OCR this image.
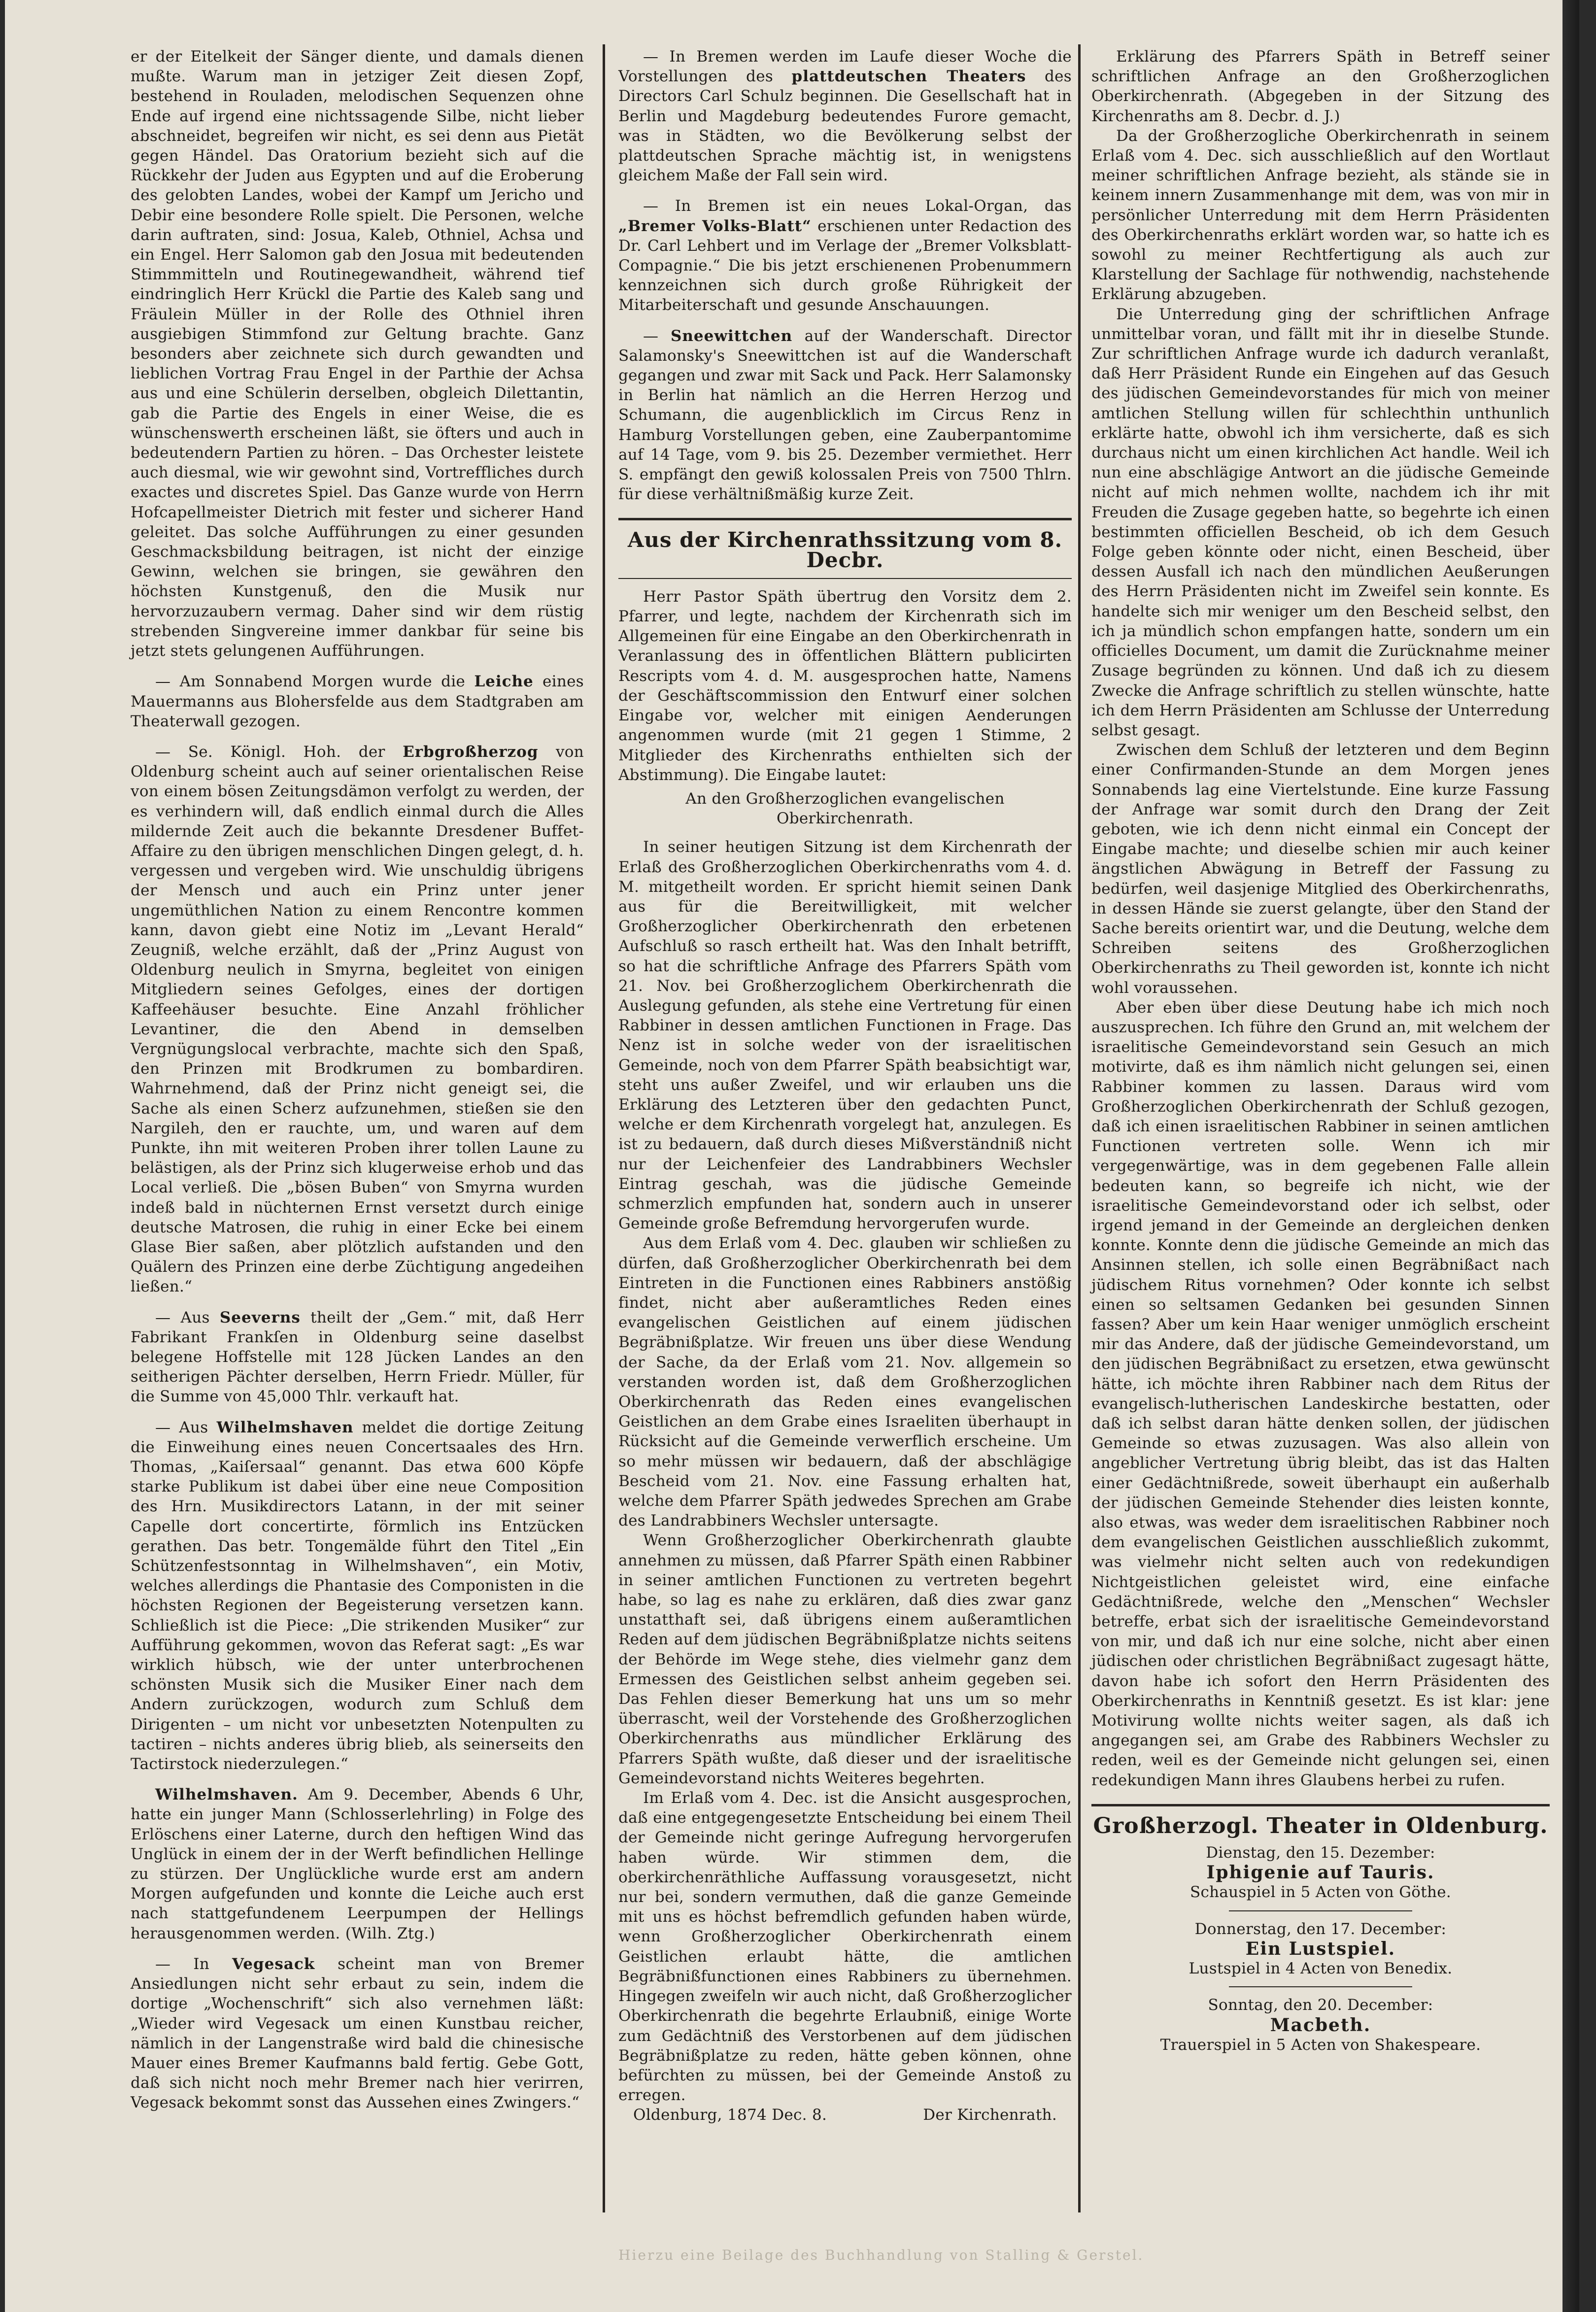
er der Eitelkeit der Sänger diente, und damals dienen mußte. Warum man in jetziger Zeit diesen Zopf, bestehend in Rouladen, melodischen Sequenzen ohne Ende auf irgend eine nichtssagende Silbe, nicht lieber abschneidet, begreifen wir nicht, es sei denn aus Pietät gegen Händel. Das Oratorium bezieht sich auf die Rückkehr der Juden aus Egypten und auf die Eroberung des gelobten Landes, wobei der Kampf um Jericho und Debir eine besondere Rolle spielt. Die Personen, welche darin auftraten, sind: Josua, Kaleb, Othniel, Achsa und ein Engel. Herr Salomon gab den Josua mit bedeutenden Stimmmitteln und Routinegewandheit, während tief eindringlich Herr Krückl die Partie des Kaleb sang und Fräulein Müller in der Rolle des Othniel ihren ausgiebigen Stimmfond zur Geltung brachte. Ganz besonders aber zeichnete sich durch gewandten und lieblichen Vortrag Frau Engel in der Parthie der Achsa aus und eine Schülerin derselben, obgleich Dilettantin, gab die Partie des Engels in einer Weise, die es wünschenswerth erscheinen läßt, sie öfters und auch in bedeutendern Partien zu hören. – Das Orchester leistete auch diesmal, wie wir gewohnt sind, Vortreffliches durch exactes und discretes Spiel. Das Ganze wurde von Herrn Hofcapellmeister Dietrich mit fester und sicherer Hand geleitet. Das solche Aufführungen zu einer gesunden Geschmacksbildung beitragen, ist nicht der einzige Gewinn, welchen sie bringen, sie gewähren den höchsten Kunstgenuß, den die Musik nur hervorzuzaubern vermag. Daher sind wir dem rüstig strebenden Singvereine immer dankbar für seine bis jetzt stets gelungenen Aufführungen.

— Am Sonnabend Morgen wurde die Leiche eines Mauermanns aus Blohersfelde aus dem Stadtgraben am Theaterwall gezogen.

— Se. Königl. Hoh. der Erbgroßherzog von Oldenburg scheint auch auf seiner orientalischen Reise von einem bösen Zeitungsdämon verfolgt zu werden, der es verhindern will, daß endlich einmal durch die Alles mildernde Zeit auch die bekannte Dresdener Buffet-Affaire zu den übrigen menschlichen Dingen gelegt, d. h. vergessen und vergeben wird. Wie unschuldig übrigens der Mensch und auch ein Prinz unter jener ungemüthlichen Nation zu einem Rencontre kommen kann, davon giebt eine Notiz im „Levant Herald“ Zeugniß, welche erzählt, daß der „Prinz August von Oldenburg neulich in Smyrna, begleitet von einigen Mitgliedern seines Gefolges, eines der dortigen Kaffeehäuser besuchte. Eine Anzahl fröhlicher Levantiner, die den Abend in demselben Vergnügungslocal verbrachte, machte sich den Spaß, den Prinzen mit Brodkrumen zu bombardiren. Wahrnehmend, daß der Prinz nicht geneigt sei, die Sache als einen Scherz aufzunehmen, stießen sie den Nargileh, den er rauchte, um, und waren auf dem Punkte, ihn mit weiteren Proben ihrer tollen Laune zu belästigen, als der Prinz sich klugerweise erhob und das Local verließ. Die „bösen Buben“ von Smyrna wurden indeß bald in nüchternen Ernst versetzt durch einige deutsche Matrosen, die ruhig in einer Ecke bei einem Glase Bier saßen, aber plötzlich aufstanden und den Quälern des Prinzen eine derbe Züchtigung angedeihen ließen.“

— Aus Seeverns theilt der „Gem.“ mit, daß Herr Fabrikant Frankſen in Oldenburg seine daselbst belegene Hoffstelle mit 128 Jücken Landes an den seitherigen Pächter derselben, Herrn Friedr. Müller, für die Summe von 45,000 Thlr. verkauft hat.

— Aus Wilhelmshaven meldet die dortige Zeitung die Einweihung eines neuen Concertsaales des Hrn. Thomas, „Kaiſersaal“ genannt. Das etwa 600 Köpfe starke Publikum ist dabei über eine neue Composition des Hrn. Musikdirectors Latann, in der mit seiner Capelle dort concertirte, förmlich ins Entzücken gerathen. Das betr. Tongemälde führt den Titel „Ein Schützenfestsonntag in Wilhelmshaven“, ein Motiv, welches allerdings die Phantasie des Componisten in die höchsten Regionen der Begeisterung versetzen kann. Schließlich ist die Piece: „Die strikenden Musiker“ zur Aufführung gekommen, wovon das Referat sagt: „Es war wirklich hübsch, wie der unter unterbrochenen schönsten Musik sich die Musiker Einer nach dem Andern zurückzogen, wodurch zum Schluß dem Dirigenten – um nicht vor unbesetzten Notenpulten zu tactiren – nichts anderes übrig blieb, als seinerseits den Tactirstock niederzulegen.“

Wilhelmshaven. Am 9. December, Abends 6 Uhr, hatte ein junger Mann (Schlosserlehrling) in Folge des Erlöschens einer Laterne, durch den heftigen Wind das Unglück in einem der in der Werft befindlichen Hellinge zu stürzen. Der Unglückliche wurde erst am andern Morgen aufgefunden und konnte die Leiche auch erst nach stattgefundenem Leerpumpen der Hellings herausgenommen werden. (Wilh. Ztg.)

— In Vegesack scheint man von Bremer Ansiedlungen nicht sehr erbaut zu sein, indem die dortige „Wochenschrift“ sich also vernehmen läßt: „Wieder wird Vegesack um einen Kunstbau reicher, nämlich in der Langenstraße wird bald die chinesische Mauer eines Bremer Kaufmanns bald fertig. Gebe Gott, daß sich nicht noch mehr Bremer nach hier verirren, Vegesack bekommt sonst das Aussehen eines Zwingers.“

— In Bremen werden im Laufe dieser Woche die Vorstellungen des plattdeutschen Theaters des Directors Carl Schulz beginnen. Die Gesellschaft hat in Berlin und Magdeburg bedeutendes Furore gemacht, was in Städten, wo die Bevölkerung selbst der plattdeutschen Sprache mächtig ist, in wenigstens gleichem Maße der Fall sein wird.

— In Bremen ist ein neues Lokal-Organ, das „Bremer Volks-Blatt“ erschienen unter Redaction des Dr. Carl Lehbert und im Verlage der „Bremer Volksblatt-Compagnie.“ Die bis jetzt erschienenen Probenummern kennzeichnen sich durch große Rührigkeit der Mitarbeiterschaft und gesunde Anschauungen.

— Sneewittchen auf der Wanderschaft. Director Salamonsky's Sneewittchen ist auf die Wanderschaft gegangen und zwar mit Sack und Pack. Herr Salamonsky in Berlin hat nämlich an die Herren Herzog und Schumann, die augenblicklich im Circus Renz in Hamburg Vorstellungen geben, eine Zauberpantomime auf 14 Tage, vom 9. bis 25. Dezember vermiethet. Herr S. empfängt den gewiß kolossalen Preis von 7500 Thlrn. für diese verhältnißmäßig kurze Zeit.

Aus der Kirchenrathssitzung vom 8. Decbr.

Herr Pastor Späth übertrug den Vorsitz dem 2. Pfarrer, und legte, nachdem der Kirchenrath sich im Allgemeinen für eine Eingabe an den Oberkirchenrath in Veranlassung des in öffentlichen Blättern publicirten Rescripts vom 4. d. M. ausgesprochen hatte, Namens der Geschäftscommission den Entwurf einer solchen Eingabe vor, welcher mit einigen Aenderungen angenommen wurde (mit 21 gegen 1 Stimme, 2 Mitglieder des Kirchenraths enthielten sich der Abstimmung). Die Eingabe lautet:

An den Großherzoglichen evangelischen Oberkirchenrath.

In seiner heutigen Sitzung ist dem Kirchenrath der Erlaß des Großherzoglichen Oberkirchenraths vom 4. d. M. mitgetheilt worden. Er spricht hiemit seinen Dank aus für die Bereitwilligkeit, mit welcher Großherzoglicher Oberkirchenrath den erbetenen Aufschluß so rasch ertheilt hat. Was den Inhalt betrifft, so hat die schriftliche Anfrage des Pfarrers Späth vom 21. Nov. bei Großherzoglichem Oberkirchenrath die Auslegung gefunden, als stehe eine Vertretung für einen Rabbiner in dessen amtlichen Functionen in Frage. Das Nenz ist in solche weder von der israelitischen Gemeinde, noch von dem Pfarrer Späth beabsichtigt war, steht uns außer Zweifel, und wir erlauben uns die Erklärung des Letzteren über den gedachten Punct, welche er dem Kirchenrath vorgelegt hat, anzulegen. Es ist zu bedauern, daß durch dieses Mißverständniß nicht nur der Leichenfeier des Landrabbiners Wechsler Eintrag geschah, was die jüdische Gemeinde schmerzlich empfunden hat, sondern auch in unserer Gemeinde große Befremdung hervorgerufen wurde.

Aus dem Erlaß vom 4. Dec. glauben wir schließen zu dürfen, daß Großherzoglicher Oberkirchenrath bei dem Eintreten in die Functionen eines Rabbiners anstößig findet, nicht aber außeramtliches Reden eines evangelischen Geistlichen auf einem jüdischen Begräbnißplatze. Wir freuen uns über diese Wendung der Sache, da der Erlaß vom 21. Nov. allgemein so verstanden worden ist, daß dem Großherzoglichen Oberkirchenrath das Reden eines evangelischen Geistlichen an dem Grabe eines Israeliten überhaupt in Rücksicht auf die Gemeinde verwerflich erscheine. Um so mehr müssen wir bedauern, daß der abschlägige Bescheid vom 21. Nov. eine Fassung erhalten hat, welche dem Pfarrer Späth jedwedes Sprechen am Grabe des Landrabbiners Wechsler untersagte.

Wenn Großherzoglicher Oberkirchenrath glaubte annehmen zu müssen, daß Pfarrer Späth einen Rabbiner in seiner amtlichen Functionen zu vertreten begehrt habe, so lag es nahe zu erklären, daß dies zwar ganz unstatthaft sei, daß übrigens einem außeramtlichen Reden auf dem jüdischen Begräbnißplatze nichts seitens der Behörde im Wege stehe, dies vielmehr ganz dem Ermessen des Geistlichen selbst anheim gegeben sei. Das Fehlen dieser Bemerkung hat uns um so mehr überrascht, weil der Vorstehende des Großherzoglichen Oberkirchenraths aus mündlicher Erklärung des Pfarrers Späth wußte, daß dieser und der israelitische Gemeindevorstand nichts Weiteres begehrten.

Im Erlaß vom 4. Dec. ist die Ansicht ausgesprochen, daß eine entgegengesetzte Entscheidung bei einem Theil der Gemeinde nicht geringe Aufregung hervorgerufen haben würde. Wir stimmen dem, die oberkirchenräthliche Auffassung vorausgesetzt, nicht nur bei, sondern vermuthen, daß die ganze Gemeinde mit uns es höchst befremdlich gefunden haben würde, wenn Großherzoglicher Oberkirchenrath einem Geistlichen erlaubt hätte, die amtlichen Begräbnißfunctionen eines Rabbiners zu übernehmen. Hingegen zweifeln wir auch nicht, daß Großherzoglicher Oberkirchenrath die begehrte Erlaubniß, einige Worte zum Gedächtniß des Verstorbenen auf dem jüdischen Begräbnißplatze zu reden, hätte geben können, ohne befürchten zu müssen, bei der Gemeinde Anstoß zu erregen.

Oldenburg, 1874 Dec. 8.	Der Kirchenrath.

Erklärung des Pfarrers Späth in Betreff seiner schriftlichen Anfrage an den Großherzoglichen Oberkirchenrath. (Abgegeben in der Sitzung des Kirchenraths am 8. Decbr. d. J.)

Da der Großherzogliche Oberkirchenrath in seinem Erlaß vom 4. Dec. sich ausschließlich auf den Wortlaut meiner schriftlichen Anfrage bezieht, als stände sie in keinem innern Zusammenhange mit dem, was von mir in persönlicher Unterredung mit dem Herrn Präsidenten des Oberkirchenraths erklärt worden war, so hatte ich es sowohl zu meiner Rechtfertigung als auch zur Klarstellung der Sachlage für nothwendig, nachstehende Erklärung abzugeben.

Die Unterredung ging der schriftlichen Anfrage unmittelbar voran, und fällt mit ihr in dieselbe Stunde. Zur schriftlichen Anfrage wurde ich dadurch veranlaßt, daß Herr Präsident Runde ein Eingehen auf das Gesuch des jüdischen Gemeindevorstandes für mich von meiner amtlichen Stellung willen für schlechthin unthunlich erklärte hatte, obwohl ich ihm versicherte, daß es sich durchaus nicht um einen kirchlichen Act handle. Weil ich nun eine abschlägige Antwort an die jüdische Gemeinde nicht auf mich nehmen wollte, nachdem ich ihr mit Freuden die Zusage gegeben hatte, so begehrte ich einen bestimmten officiellen Bescheid, ob ich dem Gesuch Folge geben könnte oder nicht, einen Bescheid, über dessen Ausfall ich nach den mündlichen Aeußerungen des Herrn Präsidenten nicht im Zweifel sein konnte. Es handelte sich mir weniger um den Bescheid selbst, den ich ja mündlich schon empfangen hatte, sondern um ein officielles Document, um damit die Zurücknahme meiner Zusage begründen zu können. Und daß ich zu diesem Zwecke die Anfrage schriftlich zu stellen wünschte, hatte ich dem Herrn Präsidenten am Schlusse der Unterredung selbst gesagt.

Zwischen dem Schluß der letzteren und dem Beginn einer Confirmanden-Stunde an dem Morgen jenes Sonnabends lag eine Viertelstunde. Eine kurze Fassung der Anfrage war somit durch den Drang der Zeit geboten, wie ich denn nicht einmal ein Concept der Eingabe machte; und dieselbe schien mir auch keiner ängstlichen Abwägung in Betreff der Fassung zu bedürfen, weil dasjenige Mitglied des Oberkirchenraths, in dessen Hände sie zuerst gelangte, über den Stand der Sache bereits orientirt war, und die Deutung, welche dem Schreiben seitens des Großherzoglichen Oberkirchenraths zu Theil geworden ist, konnte ich nicht wohl voraussehen.

Aber eben über diese Deutung habe ich mich noch auszusprechen. Ich führe den Grund an, mit welchem der israelitische Gemeindevorstand sein Gesuch an mich motivirte, daß es ihm nämlich nicht gelungen sei, einen Rabbiner kommen zu lassen. Daraus wird vom Großherzoglichen Oberkirchenrath der Schluß gezogen, daß ich einen israelitischen Rabbiner in seinen amtlichen Functionen vertreten solle. Wenn ich mir vergegenwärtige, was in dem gegebenen Falle allein bedeuten kann, so begreife ich nicht, wie der israelitische Gemeindevorstand oder ich selbst, oder irgend jemand in der Gemeinde an dergleichen denken konnte. Konnte denn die jüdische Gemeinde an mich das Ansinnen stellen, ich solle einen Begräbnißact nach jüdischem Ritus vornehmen? Oder konnte ich selbst einen so seltsamen Gedanken bei gesunden Sinnen fassen? Aber um kein Haar weniger unmöglich erscheint mir das Andere, daß der jüdische Gemeindevorstand, um den jüdischen Begräbnißact zu ersetzen, etwa gewünscht hätte, ich möchte ihren Rabbiner nach dem Ritus der evangelisch-lutherischen Landeskirche bestatten, oder daß ich selbst daran hätte denken sollen, der jüdischen Gemeinde so etwas zuzusagen. Was also allein von angeblicher Vertretung übrig bleibt, das ist das Halten einer Gedächtnißrede, soweit überhaupt ein außerhalb der jüdischen Gemeinde Stehender dies leisten konnte, also etwas, was weder dem israelitischen Rabbiner noch dem evangelischen Geistlichen ausschließlich zukommt, was vielmehr nicht selten auch von redekundigen Nichtgeistlichen geleistet wird, eine einfache Gedächtnißrede, welche den „Menschen“ Wechsler betreffe, erbat sich der israelitische Gemeindevorstand von mir, und daß ich nur eine solche, nicht aber einen jüdischen oder christlichen Begräbnißact zugesagt hätte, davon habe ich sofort den Herrn Präsidenten des Oberkirchenraths in Kenntniß gesetzt. Es ist klar: jene Motivirung wollte nichts weiter sagen, als daß ich angegangen sei, am Grabe des Rabbiners Wechsler zu reden, weil es der Gemeinde nicht gelungen sei, einen redekundigen Mann ihres Glaubens herbei zu rufen.

Großherzogl. Theater in Oldenburg.
Dienstag, den 15. Dezember:
Iphigenie auf Tauris.
Schauspiel in 5 Acten von Göthe.
Donnerstag, den 17. December:
Ein Lustspiel.
Lustspiel in 4 Acten von Benedix.
Sonntag, den 20. December:
Macbeth.
Trauerspiel in 5 Acten von Shakespeare.
Hierzu eine Beilage des Buchhandlung von Stalling & Gerstel.
